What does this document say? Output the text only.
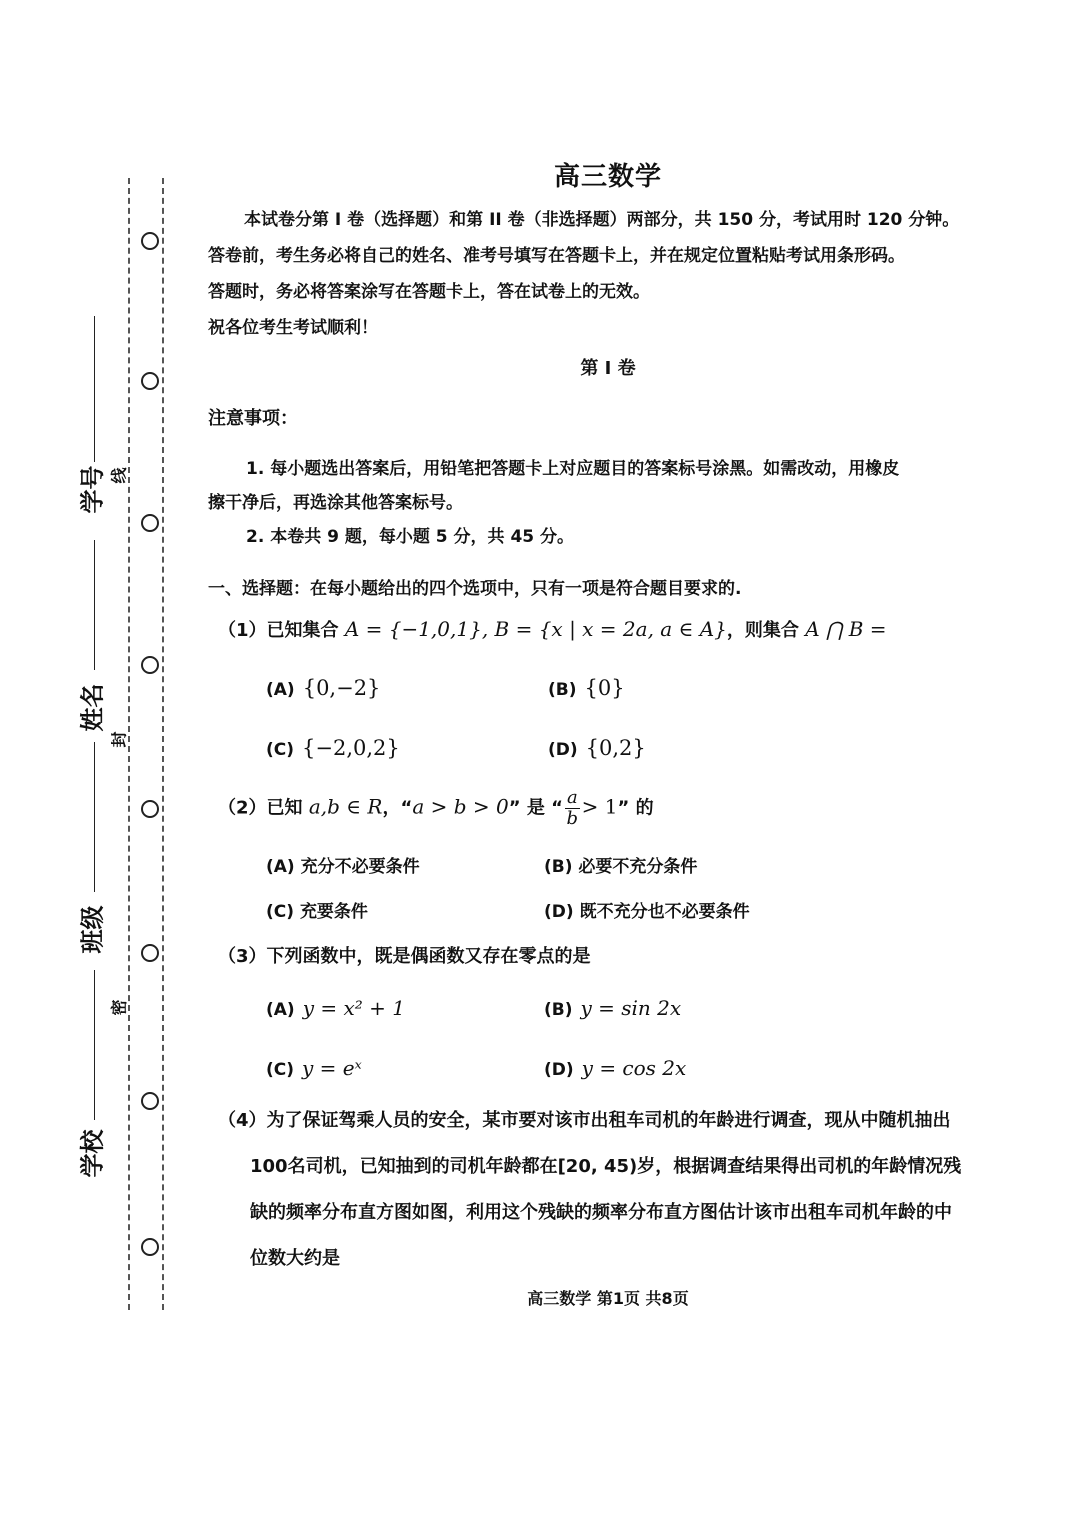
学号
姓名
班级
学校
线
封
密
高三数学

本试卷分第 I 卷（选择题）和第 II 卷（非选择题）两部分，共 150 分，考试用时 120 分钟。

答卷前，考生务必将自己的姓名、准考号填写在答题卡上，并在规定位置粘贴考试用条形码。

答题时，务必将答案涂写在答题卡上，答在试卷上的无效。

祝各位考生考试顺利！

第 I 卷
注意事项：

1. 每小题选出答案后，用铅笔把答题卡上对应题目的答案标号涂黑。如需改动，用橡皮

擦干净后，再选涂其他答案标号。

2. 本卷共 9 题，每小题 5 分，共 45 分。

一、选择题：在每小题给出的四个选项中，只有一项是符合题目要求的.
（1）已知集合 A = {−1,0,1}, B = {x | x = 2a, a ∈ A}，则集合 A ⋂ B =
(A) {0,−2}	(B) {0}
(C) {−2,0,2}	(D) {0,2}
（2）已知 a,b ∈ R，“a > b > 0” 是 “ $\frac{a}{b} > 1$” 的
(A) 充分不必要条件	(B) 必要不充分条件
(C) 充要条件	(D) 既不充分也不必要条件
（3）下列函数中，既是偶函数又存在零点的是
(A) y = x² + 1	(B) y = sin 2x
(C) y = eˣ	(D) y = cos 2x
（4）为了保证驾乘人员的安全，某市要对该市出租车司机的年龄进行调查，现从中随机抽出
100名司机，已知抽到的司机年龄都在[20, 45)岁，根据调查结果得出司机的年龄情况残
缺的频率分布直方图如图，利用这个残缺的频率分布直方图估计该市出租车司机年龄的中
位数大约是
高三数学 第1页 共8页
